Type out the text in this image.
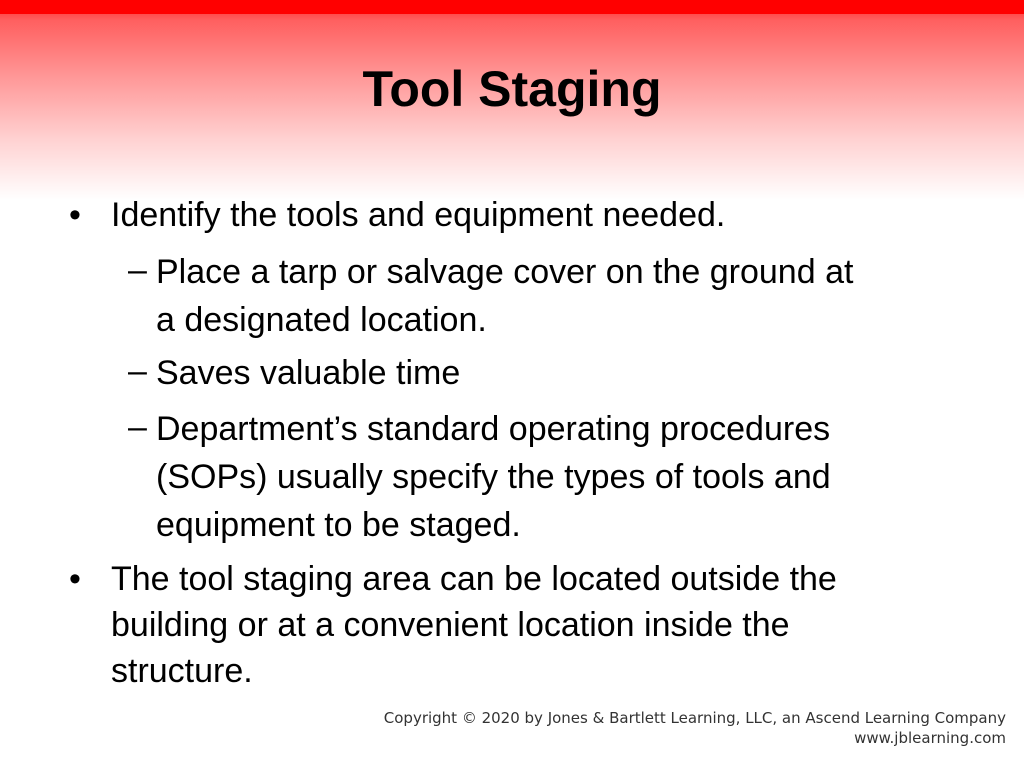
Tool Staging
• Identify the tools and equipment needed.
– Place a tarp or salvage cover on the ground at
a designated location.
– Saves valuable time
– Department’s standard operating procedures
(SOPs) usually specify the types of tools and
equipment to be staged.
• The tool staging area can be located outside the
building or at a convenient location inside the
structure.
Copyright © 2020 by Jones & Bartlett Learning, LLC, an Ascend Learning Company
www.jblearning.com
